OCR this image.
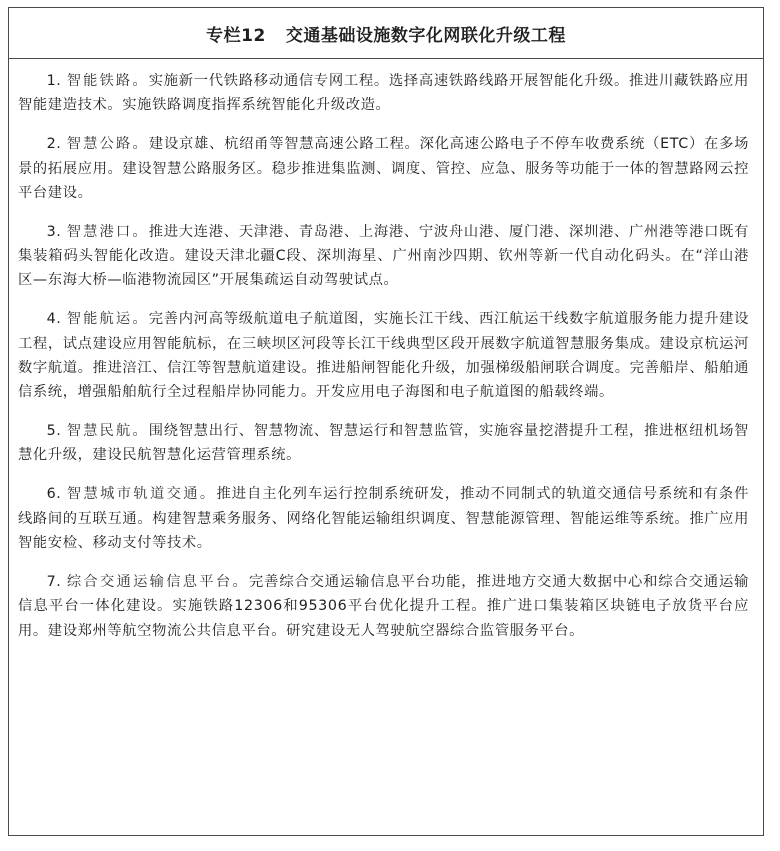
专栏12 交通基础设施数字化网联化升级工程

1. 智能铁路。实施新一代铁路移动通信专网工程。选择高速铁路线路开展智能化升级。推进川藏铁路应用智能建造技术。实施铁路调度指挥系统智能化升级改造。

2. 智慧公路。建设京雄、杭绍甬等智慧高速公路工程。深化高速公路电子不停车收费系统（ETC）在多场景的拓展应用。建设智慧公路服务区。稳步推进集监测、调度、管控、应急、服务等功能于一体的智慧路网云控平台建设。

3. 智慧港口。推进大连港、天津港、青岛港、上海港、宁波舟山港、厦门港、深圳港、广州港等港口既有集装箱码头智能化改造。建设天津北疆C段、深圳海星、广州南沙四期、钦州等新一代自动化码头。在“洋山港区—东海大桥—临港物流园区”开展集疏运自动驾驶试点。

4. 智能航运。完善内河高等级航道电子航道图，实施长江干线、西江航运干线数字航道服务能力提升建设工程，试点建设应用智能航标，在三峡坝区河段等长江干线典型区段开展数字航道智慧服务集成。建设京杭运河数字航道。推进涪江、信江等智慧航道建设。推进船闸智能化升级，加强梯级船闸联合调度。完善船岸、船舶通信系统，增强船舶航行全过程船岸协同能力。开发应用电子海图和电子航道图的船载终端。

5. 智慧民航。围绕智慧出行、智慧物流、智慧运行和智慧监管，实施容量挖潜提升工程，推进枢纽机场智慧化升级，建设民航智慧化运营管理系统。

6. 智慧城市轨道交通。推进自主化列车运行控制系统研发，推动不同制式的轨道交通信号系统和有条件线路间的互联互通。构建智慧乘务服务、网络化智能运输组织调度、智慧能源管理、智能运维等系统。推广应用智能安检、移动支付等技术。

7. 综合交通运输信息平台。完善综合交通运输信息平台功能，推进地方交通大数据中心和综合交通运输信息平台一体化建设。实施铁路12306和95306平台优化提升工程。推广进口集装箱区块链电子放货平台应用。建设郑州等航空物流公共信息平台。研究建设无人驾驶航空器综合监管服务平台。
